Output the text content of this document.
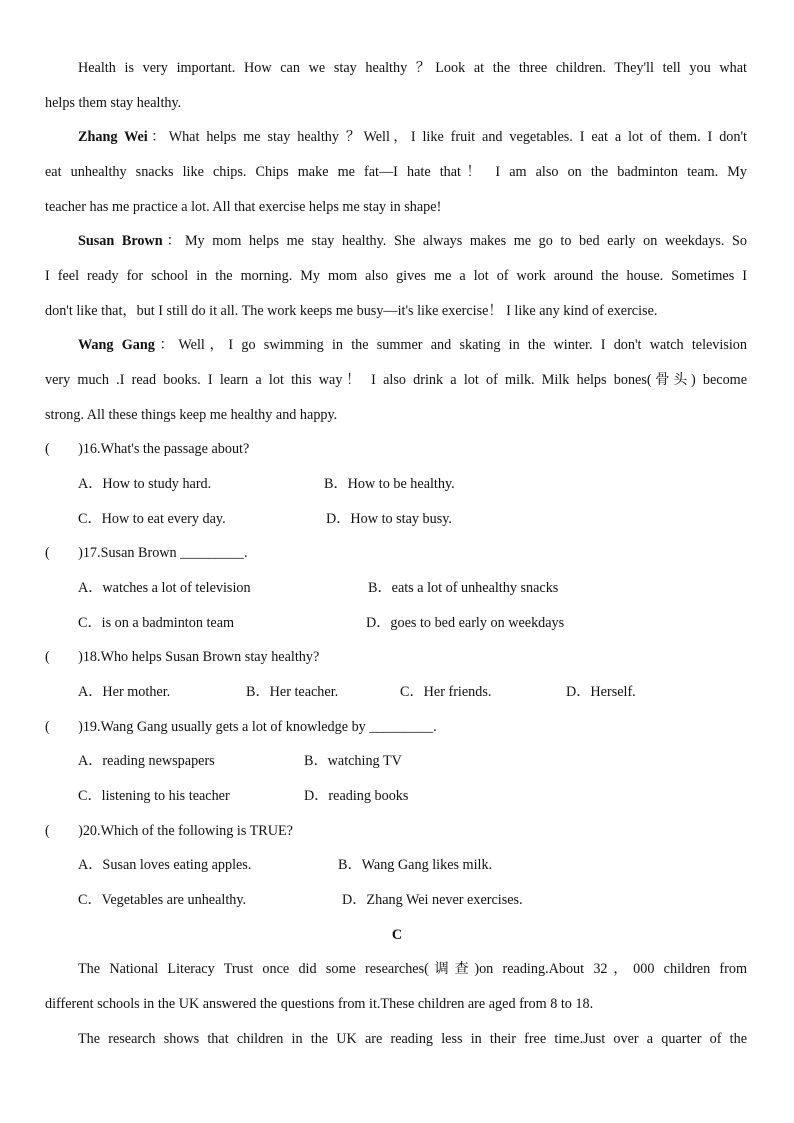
Health is very important. How can we stay healthy ？Look at the three children. They'll tell you what
helps them stay healthy.
Zhang Wei：What helps me stay healthy ？Well，I like fruit and vegetables. I eat a lot of them. I don't
eat unhealthy snacks like chips. Chips make me fat—I hate that！ I am also on the badminton team. My
teacher has me practice a lot. All that exercise helps me stay in shape!
Susan Brown：My mom helps me stay healthy. She always makes me go to bed early on weekdays. So
I feel ready for school in the morning. My mom also gives me a lot of work around the house. Sometimes I
don't like that，but I still do it all. The work keeps me busy—it's like exercise！ I like any kind of exercise.
Wang Gang：Well，I go swimming in the summer and skating in the winter. I don't watch television
very much .I read books. I learn a lot this way！ I also drink a lot of milk. Milk helps bones(骨头) become
strong. All these things keep me healthy and happy.
(　　)16.What's the passage about?
A．How to study hard.	B．How to be healthy.
C．How to eat every day.	D．How to stay busy.
(　　)17.Susan Brown _________.
A．watches a lot of television	B．eats a lot of unhealthy snacks
C．is on a badminton team	D．goes to bed early on weekdays
(　　)18.Who helps Susan Brown stay healthy?
A．Her mother.	B．Her teacher.	C．Her friends.	D．Herself.
(　　)19.Wang Gang usually gets a lot of knowledge by _________.
A．reading newspapers	B．watching TV
C．listening to his teacher	D．reading books
(　　)20.Which of the following is TRUE?
A．Susan loves eating apples.	B．Wang Gang likes milk.
C．Vegetables are unhealthy.	D．Zhang Wei never exercises.
C
The National Literacy Trust once did some researches(调查)on reading.About 32，000 children from
different schools in the UK answered the questions from it.These children are aged from 8 to 18.
The research shows that children in the UK are reading less in their free time.Just over a quarter of the
